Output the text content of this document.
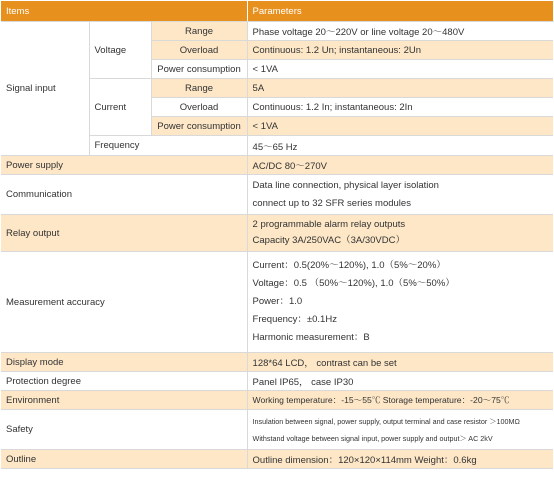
Items			Parameters
Signal input	Voltage	Range	Phase voltage 20～220V or line voltage 20～480V
		Overload	Continuous: 1.2 Un; instantaneous: 2Un
		Power consumption	< 1VA
	Current	Range	5A
		Overload	Continuous: 1.2 In; instantaneous: 2In
		Power consumption	< 1VA
	Frequency		45～65 Hz
Power supply			AC/DC 80～270V
Communication			Data line connection, physical layer isolation
connect up to 32 SFR series modules

Relay output			2 programmable alarm relay outputs
Capacity 3A/250VAC（3A/30VDC）

Measurement accuracy			Current：0.5(20%～120%), 1.0（5%～20%）
Voltage：0.5 （50%～120%), 1.0（5%～50%）
Power：1.0
Frequency：±0.1Hz
Harmonic measurement：B

Display mode			128*64 LCD， contrast can be set
Protection degree			Panel IP65， case IP30
Environment			Working temperature：-15～55℃ Storage temperature：-20～75℃
Safety			Insulation between signal, power supply, output terminal and case resistor ＞100MΩ
Withstand voltage between signal input, power supply and output＞ AC 2kV

Outline			Outline dimension：120×120×114mm Weight：0.6kg
